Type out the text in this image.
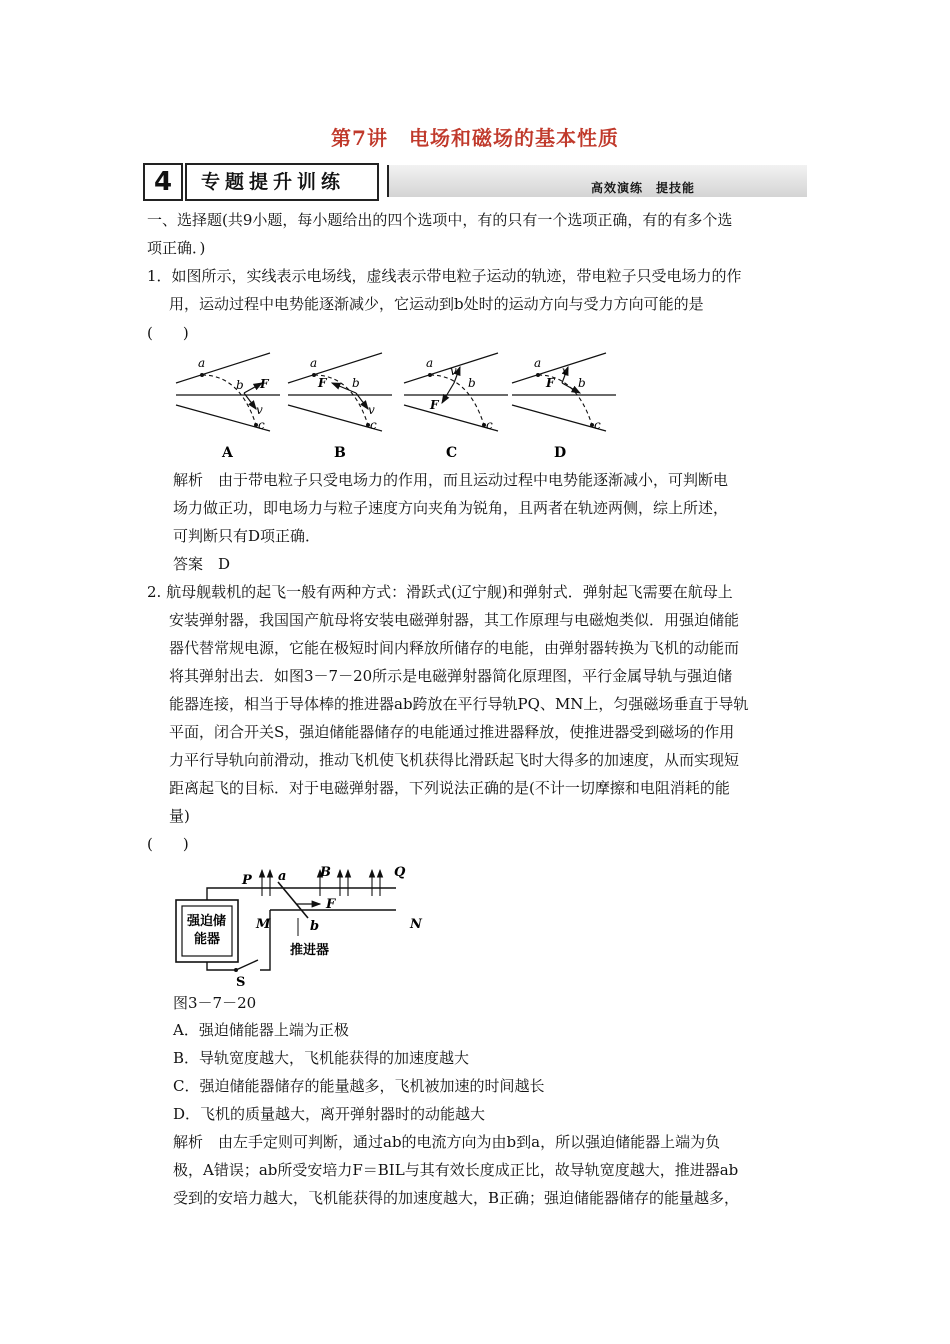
第7讲　电场和磁场的基本性质
4	专题提升训练	高效演练　提技能
一、选择题(共9小题，每小题给出的四个选项中，有的只有一个选项正确，有的有多个选
项正确．)
1．如图所示，实线表示电场线，虚线表示带电粒子运动的轨迹，带电粒子只受电场力的作
用，运动过程中电势能逐渐减少，它运动到b处时的运动方向与受力方向可能的是
(　　)
a
b F
v
c
A
a
b
F
v
c
B
a
b
F
v
c
C
a
b
F
v
c
D
解析　由于带电粒子只受电场力的作用，而且运动过程中电势能逐渐减小，可判断电
场力做正功，即电场力与粒子速度方向夹角为锐角，且两者在轨迹两侧，综上所述，
可判断只有D项正确．
答案　D
2. 航母舰载机的起飞一般有两种方式：滑跃式(辽宁舰)和弹射式．弹射起飞需要在航母上
安装弹射器，我国国产航母将安装电磁弹射器，其工作原理与电磁炮类似．用强迫储能
器代替常规电源，它能在极短时间内释放所储存的电能，由弹射器转换为飞机的动能而
将其弹射出去．如图3－7－20所示是电磁弹射器简化原理图，平行金属导轨与强迫储
能器连接，相当于导体棒的推进器ab跨放在平行导轨PQ、MN上，匀强磁场垂直于导轨
平面，闭合开关S，强迫储能器储存的电能通过推进器释放，使推进器受到磁场的作用
力平行导轨向前滑动，推动飞机使飞机获得比滑跃起飞时大得多的加速度，从而实现短
距离起飞的目标．对于电磁弹射器，下列说法正确的是(不计一切摩擦和电阻消耗的能
量)
(　　)
强迫储
能器
S
P a	B	Q
F
M	b	N
推进器
图3－7－20
A．强迫储能器上端为正极
B．导轨宽度越大，飞机能获得的加速度越大
C．强迫储能器储存的能量越多，飞机被加速的时间越长
D．飞机的质量越大，离开弹射器时的动能越大
解析　由左手定则可判断，通过ab的电流方向为由b到a，所以强迫储能器上端为负
极，A错误；ab所受安培力F＝BIL与其有效长度成正比，故导轨宽度越大，推进器ab
受到的安培力越大，飞机能获得的加速度越大，B正确；强迫储能器储存的能量越多，
